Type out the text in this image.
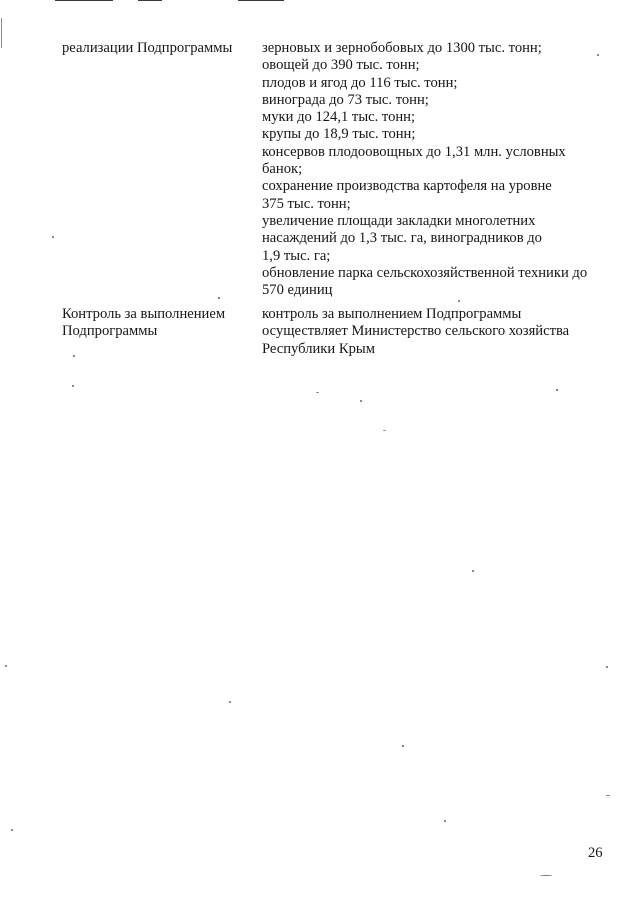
реализации Подпрограммы зерновых и зернобобовых до 1300 тыс. тонн;
овощей до 390 тыс. тонн;
плодов и ягод до 116 тыс. тонн;
винограда до 73 тыс. тонн;
муки до 124,1 тыс. тонн;
крупы до 18,9 тыс. тонн;
консервов плодоовощных до 1,31 млн. условных
банок;
сохранение производства картофеля на уровне
375 тыс. тонн;
увеличение площади закладки многолетних
насаждений до 1,3 тыс. га, виноградников до
1,9 тыс. га;
обновление парка сельскохозяйственной техники до
570 единиц
Контроль за выполнением
Подпрограммы
контроль за выполнением Подпрограммы
осуществляет Министерство сельского хозяйства
Республики Крым
26
